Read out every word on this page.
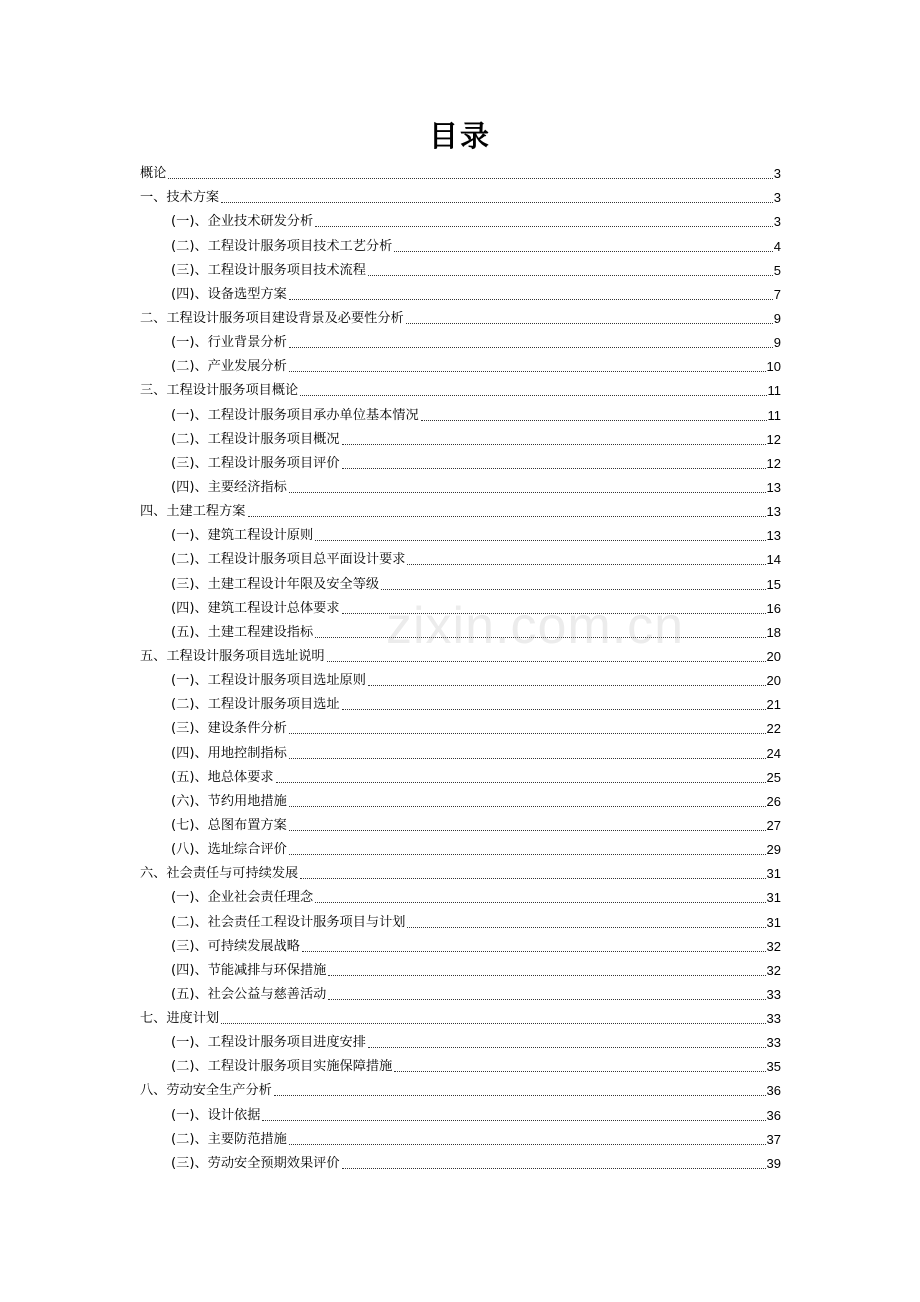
目录
概论	3
一、技术方案	3
(一)、企业技术研发分析	3
(二)、工程设计服务项目技术工艺分析	4
(三)、工程设计服务项目技术流程	5
(四)、设备选型方案	7
二、工程设计服务项目建设背景及必要性分析	9
(一)、行业背景分析	9
(二)、产业发展分析	10
三、工程设计服务项目概论	11
(一)、工程设计服务项目承办单位基本情况	11
(二)、工程设计服务项目概况	12
(三)、工程设计服务项目评价	12
(四)、主要经济指标	13
四、土建工程方案	13
(一)、建筑工程设计原则	13
(二)、工程设计服务项目总平面设计要求	14
(三)、土建工程设计年限及安全等级	15
(四)、建筑工程设计总体要求	16
(五)、土建工程建设指标	18
五、工程设计服务项目选址说明	20
(一)、工程设计服务项目选址原则	20
(二)、工程设计服务项目选址	21
(三)、建设条件分析	22
(四)、用地控制指标	24
(五)、地总体要求	25
(六)、节约用地措施	26
(七)、总图布置方案	27
(八)、选址综合评价	29
六、社会责任与可持续发展	31
(一)、企业社会责任理念	31
(二)、社会责任工程设计服务项目与计划	31
(三)、可持续发展战略	32
(四)、节能减排与环保措施	32
(五)、社会公益与慈善活动	33
七、进度计划	33
(一)、工程设计服务项目进度安排	33
(二)、工程设计服务项目实施保障措施	35
八、劳动安全生产分析	36
(一)、设计依据	36
(二)、主要防范措施	37
(三)、劳动安全预期效果评价	39
zixin.com.cn
